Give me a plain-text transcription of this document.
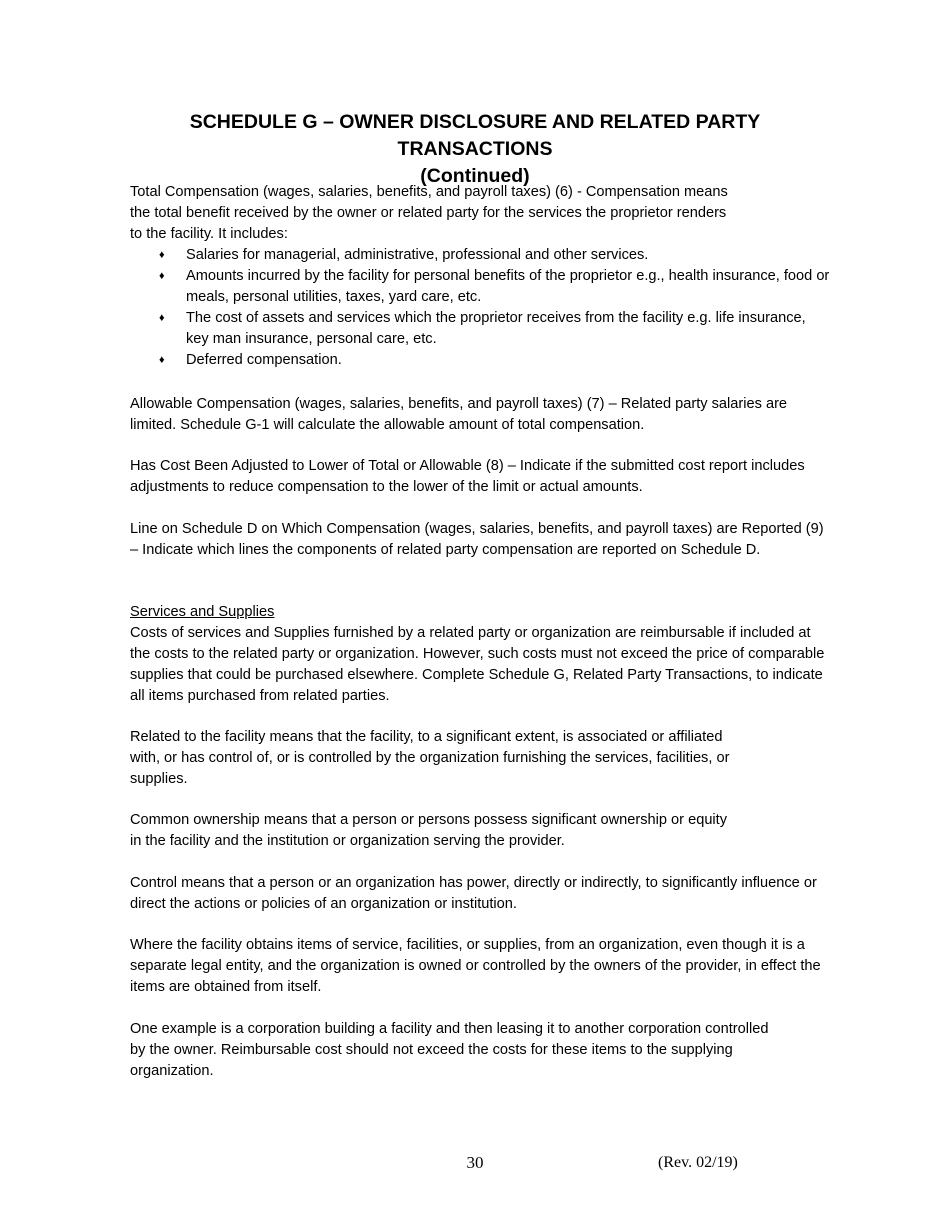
SCHEDULE G – OWNER DISCLOSURE AND RELATED PARTY TRANSACTIONS
(Continued)

Total Compensation (wages, salaries, benefits, and payroll taxes) (6) - Compensation means the total benefit received by the owner or related party for the services the proprietor renders to the facility. It includes:

♦ Salaries for managerial, administrative, professional and other services.
♦ Amounts incurred by the facility for personal benefits of the proprietor e.g., health insurance, food or meals, personal utilities, taxes, yard care, etc.
♦ The cost of assets and services which the proprietor receives from the facility e.g. life insurance, key man insurance, personal care, etc.
♦ Deferred compensation.

Allowable Compensation (wages, salaries, benefits, and payroll taxes) (7) – Related party salaries are limited. Schedule G-1 will calculate the allowable amount of total compensation.

Has Cost Been Adjusted to Lower of Total or Allowable (8) – Indicate if the submitted cost report includes adjustments to reduce compensation to the lower of the limit or actual amounts.

Line on Schedule D on Which Compensation (wages, salaries, benefits, and payroll taxes) are Reported (9) – Indicate which lines the components of related party compensation are reported on Schedule D.

Services and Supplies

Costs of services and Supplies furnished by a related party or organization are reimbursable if included at the costs to the related party or organization. However, such costs must not exceed the price of comparable supplies that could be purchased elsewhere. Complete Schedule G, Related Party Transactions, to indicate all items purchased from related parties.

Related to the facility means that the facility, to a significant extent, is associated or affiliated with, or has control of, or is controlled by the organization furnishing the services, facilities, or supplies.

Common ownership means that a person or persons possess significant ownership or equity in the facility and the institution or organization serving the provider.

Control means that a person or an organization has power, directly or indirectly, to significantly influence or direct the actions or policies of an organization or institution.

Where the facility obtains items of service, facilities, or supplies, from an organization, even though it is a separate legal entity, and the organization is owned or controlled by the owners of the provider, in effect the items are obtained from itself.

One example is a corporation building a facility and then leasing it to another corporation controlled by the owner. Reimbursable cost should not exceed the costs for these items to the supplying organization.

30	(Rev. 02/19)
